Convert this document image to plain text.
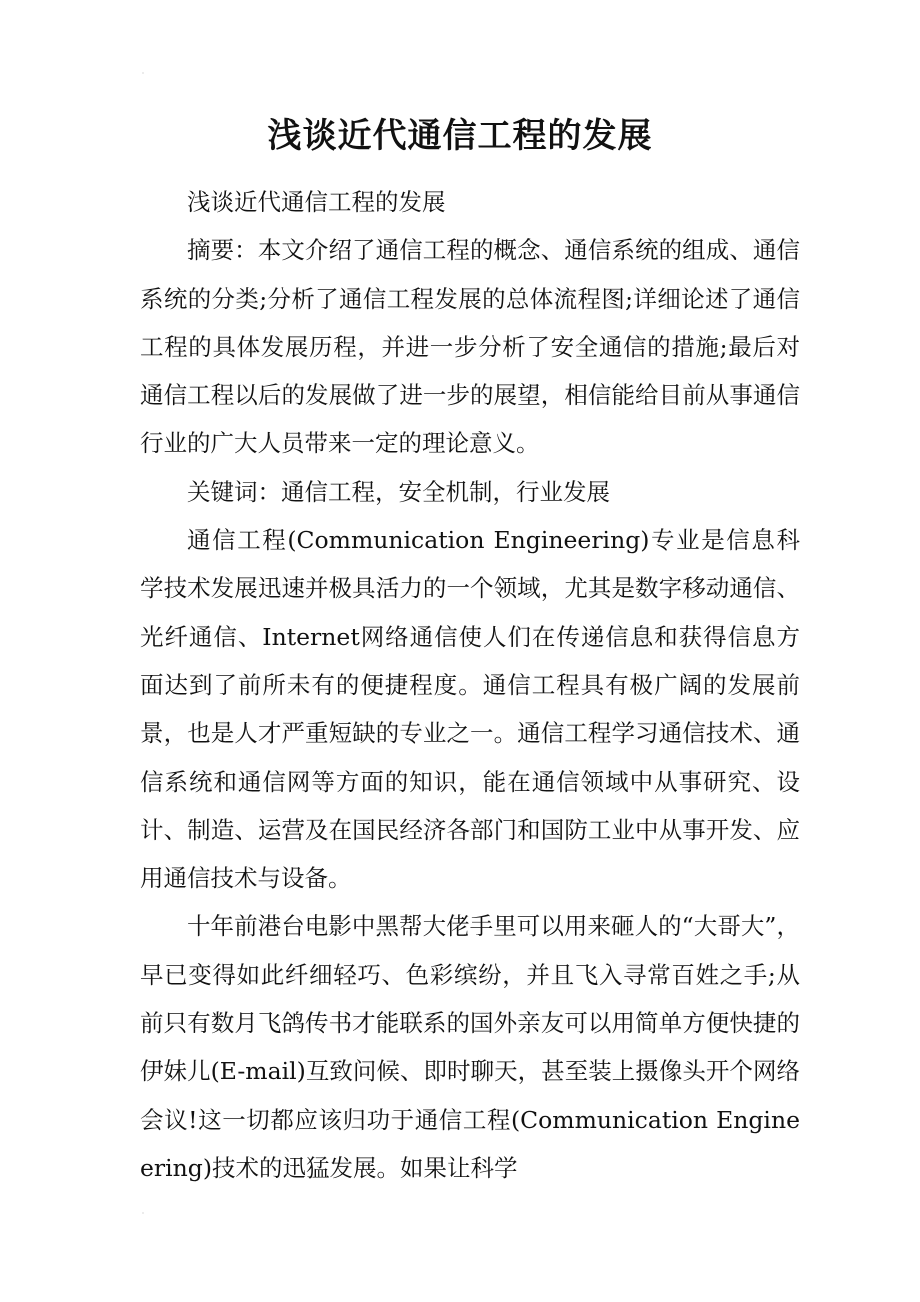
浅谈近代通信工程的发展

浅谈近代通信工程的发展

摘要：本文介绍了通信工程的概念、通信系统的组成、通信系统的分类;分析了通信工程发展的总体流程图;详细论述了通信工程的具体发展历程，并进一步分析了安全通信的措施;最后对通信工程以后的发展做了进一步的展望，相信能给目前从事通信行业的广大人员带来一定的理论意义。

关键词：通信工程，安全机制，行业发展

通信工程(Communication Engineering)专业是信息科学技术发展迅速并极具活力的一个领域，尤其是数字移动通信、光纤通信、Internet网络通信使人们在传递信息和获得信息方面达到了前所未有的便捷程度。通信工程具有极广阔的发展前景，也是人才严重短缺的专业之一。通信工程学习通信技术、通信系统和通信网等方面的知识，能在通信领域中从事研究、设计、制造、运营及在国民经济各部门和国防工业中从事开发、应用通信技术与设备。

十年前港台电影中黑帮大佬手里可以用来砸人的“大哥大”，早已变得如此纤细轻巧、色彩缤纷，并且飞入寻常百姓之手;从前只有数月飞鸽传书才能联系的国外亲友可以用简单方便快捷的伊妹儿(E-mail)互致问候、即时聊天，甚至装上摄像头开个网络会议!这一切都应该归功于通信工程(Communication Engineering)技术的迅猛发展。如果让科学
